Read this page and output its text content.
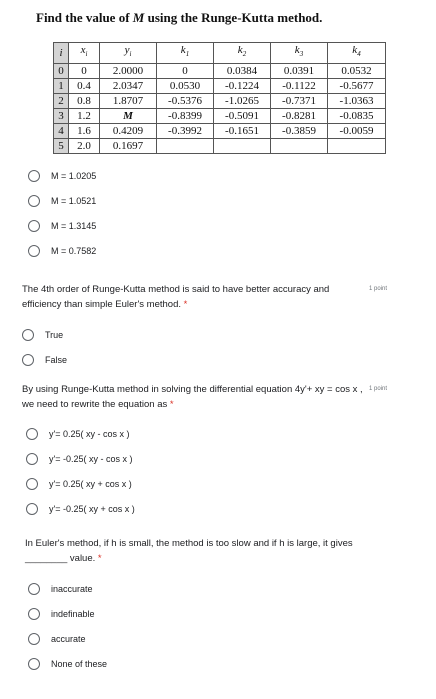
Find the value of M using the Runge-Kutta method.

i	$x_i$	$y_i$	$k_1$	$k_2$	$k_3$	$k_4$
0	0	2.0000	0	0.0384	0.0391	0.0532
1	0.4	2.0347	0.0530	-0.1224	-0.1122	-0.5677
2	0.8	1.8707	-0.5376	-1.0265	-0.7371	-1.0363
3	1.2	M	-0.8399	-0.5091	-0.8281	-0.0835
4	1.6	0.4209	-0.3992	-0.1651	-0.3859	-0.0059
5	2.0	0.1697				
M = 1.0205
M = 1.0521
M = 1.3145
M = 0.7582

The 4th order of Runge-Kutta method is said to have better accuracy and efficiency than simple Euler's method. *

1 point
True
False

By using Runge-Kutta method in solving the differential equation 4y'+ xy = cos x , we need to rewrite the equation as *

1 point
y'= 0.25( xy - cos x )
y'= -0.25( xy - cos x )
y'= 0.25( xy + cos x )
y'= -0.25( xy + cos x )

In Euler's method, if h is small, the method is too slow and if h is large, it gives ________ value. *

inaccurate
indefinable
accurate
None of these
